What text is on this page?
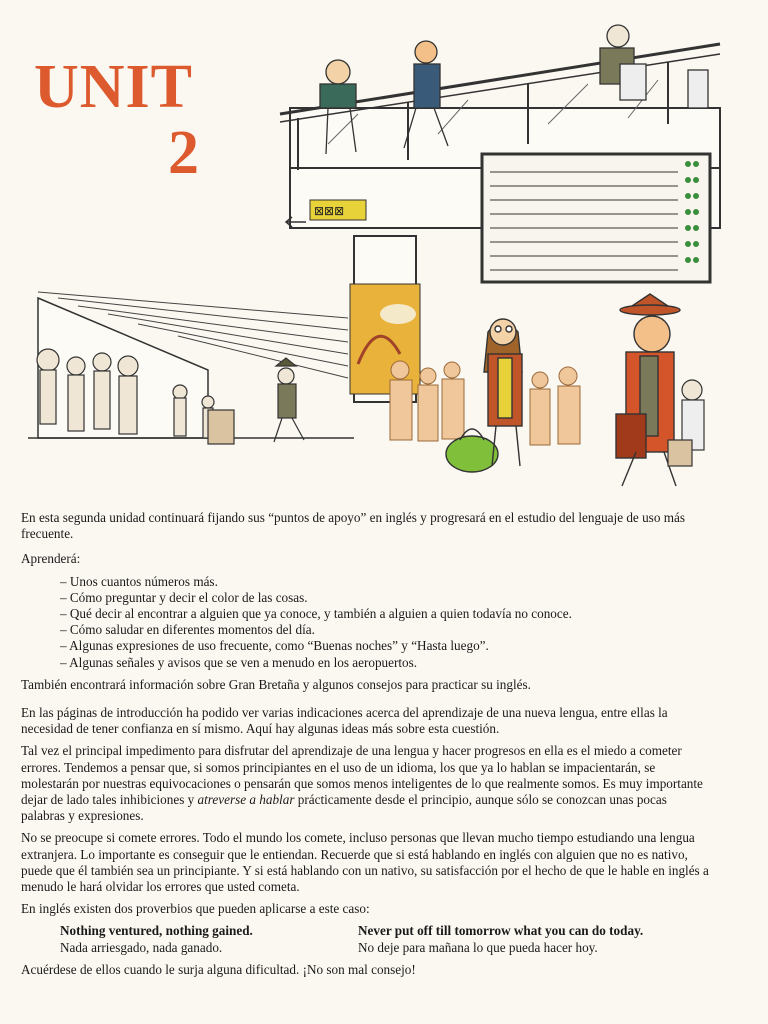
⊠⊠⊠
UNIT
2

En esta segunda unidad continuará fijando sus “puntos de apoyo” en inglés y progresará en el estudio del lenguaje de uso más frecuente.

Aprenderá:

– Unos cuantos números más.
– Cómo preguntar y decir el color de las cosas.
– Qué decir al encontrar a alguien que ya conoce, y también a alguien a quien todavía no conoce.
– Cómo saludar en diferentes momentos del día.
– Algunas expresiones de uso frecuente, como “Buenas noches” y “Hasta luego”.
– Algunas señales y avisos que se ven a menudo en los aeropuertos.

También encontrará información sobre Gran Bretaña y algunos consejos para practicar su inglés.

En las páginas de introducción ha podido ver varias indicaciones acerca del aprendizaje de una nueva lengua, entre ellas la necesidad de tener confianza en sí mismo. Aquí hay algunas ideas más sobre esta cuestión.

Tal vez el principal impedimento para disfrutar del aprendizaje de una lengua y hacer progresos en ella es el miedo a cometer errores. Tendemos a pensar que, si somos principiantes en el uso de un idioma, los que ya lo hablan se impacientarán, se molestarán por nuestras equivocaciones o pensarán que somos menos inteligentes de lo que realmente somos. Es muy importante dejar de lado tales inhibiciones y atreverse a hablar prácticamente desde el principio, aunque sólo se conozcan unas pocas palabras y expresiones.

No se preocupe si comete errores. Todo el mundo los comete, incluso personas que llevan mucho tiempo estudiando una lengua extranjera. Lo importante es conseguir que le entiendan. Recuerde que si está hablando en inglés con alguien que no es nativo, puede que él también sea un principiante. Y si está hablando con un nativo, su satisfacción por el hecho de que le hable en inglés a menudo le hará olvidar los errores que usted cometa.

En inglés existen dos proverbios que pueden aplicarse a este caso:

Nothing ventured, nothing gained.
Nada arriesgado, nada ganado.
Never put off till tomorrow what you can do today.
No deje para mañana lo que pueda hacer hoy.

Acuérdese de ellos cuando le surja alguna dificultad. ¡No son mal consejo!
